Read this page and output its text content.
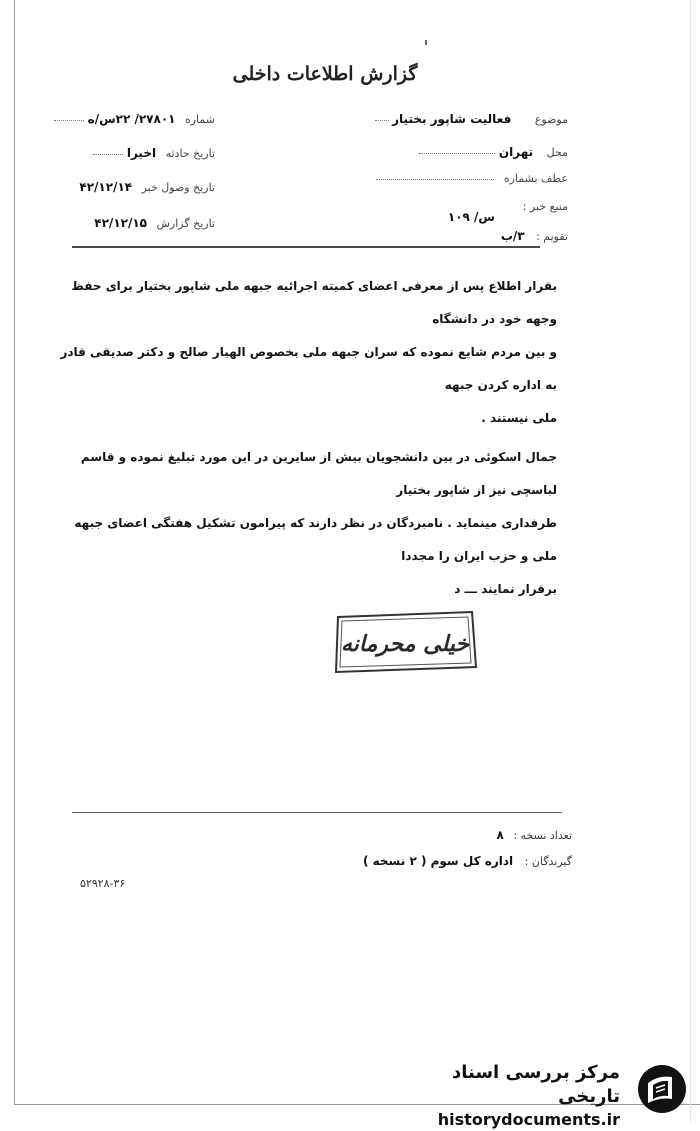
گزارش اطلاعات داخلی
موضوع فعالیت شاپور بختیار
محل تهران
عطف بشماره
منبع خبر :
س/ ۱۰۹
تقویم : ۳/ب
شماره ۲۷۸۰۱/ ۲۲س/ه
تاریخ حادثه اخیرا
تاریخ وصول خبر ۴۲/۱۲/۱۴
تاریخ گزارش ۴۲/۱۲/۱۵

بقرار اطلاع پس از معرفی اعضای کمیته اجرائیه جبهه ملی شاپور بختیار برای حفظ وجهه خود در دانشگاه

و بین مردم شایع نموده که سران جبهه ملی بخصوص الهیار صالح و دکتر صدیقی قادر به اداره کردن جبهه

ملی نیستند .

جمال اسکوئی در بین دانشجویان بیش از سایرین در این مورد تبلیغ نموده و قاسم لباسچی نیز از شاپور بختیار

طرفداری مینماید . نامبردگان در نظر دارند که پیرامون تشکیل هفتگی اعضای جبهه ملی و حزب ایران را مجددا

برقرار نمایند ـــ د

خیلی محرمانه
تعداد نسخه : ۸
گیرندگان : اداره کل سوم ( ۲ نسخه )
۵۲۹۲۸-۳۶
مرکز بررسی اسناد تاریخی
historydocuments.ir
